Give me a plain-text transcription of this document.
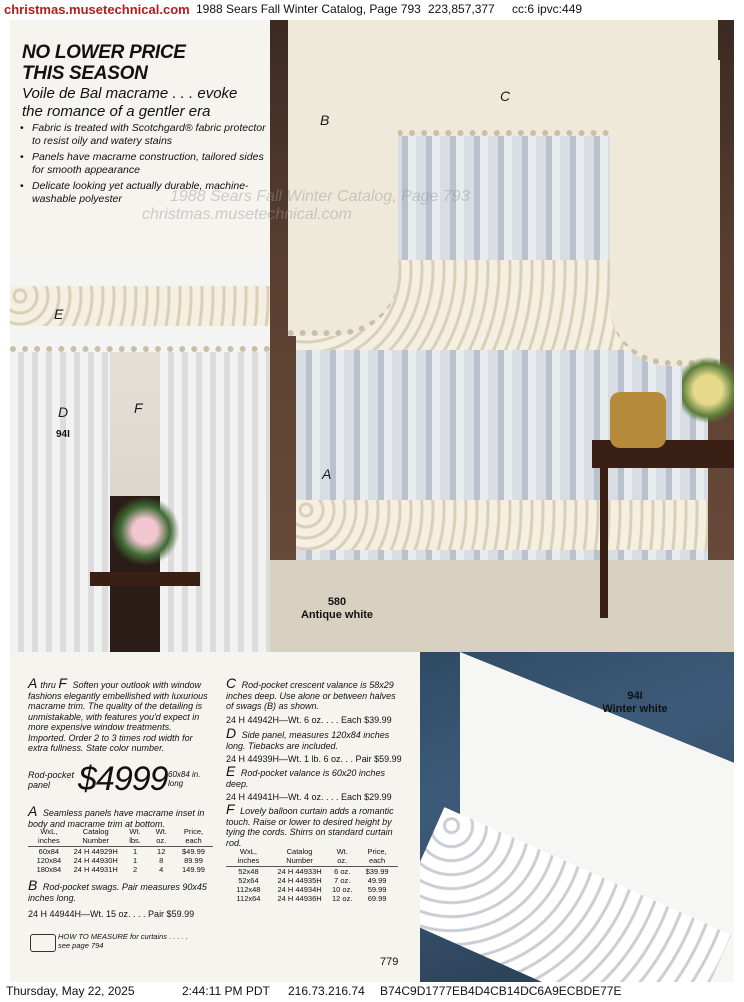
christmas.musetechnical.com 1988 Sears Fall Winter Catalog, Page 793 223,857,377 cc:6 ipvc:449
NO LOWER PRICE
THIS SEASON
Voile de Bal macrame . . . evoke
the romance of a gentler era
• Fabric is treated with Scotchgard® fabric protector to resist oily and watery stains
• Panels have macrame construction, tailored sides for smooth appearance
• Delicate looking yet actually durable, machine-washable polyester
B
C
A
580
Antique white
E
D	F
94I
94I
Winter white
1988 Sears Fall Winter Catalog, Page 793
christmas.musetechnical.com
Athru F Soften your outlook with window fashions elegantly embellished with luxurious macrame trim. The quality of the detailing is unmistakable, with features you'd expect in more expensive window treatments. Imported. Order 2 to 3 times rod width for extra fullness. State color number.
Rod-pocket
panel $4999 60x84 in.
long
A Seamless panels have macrame inset in body and macrame trim at bottom.
WxL, inches	Catalog Number	Wt. lbs.	Wt. oz.	Price, each
60x84	24 H 44929H	1	12	$49.99
120x84	24 H 44930H	1	8	89.99
180x84	24 H 44931H	2	4	149.99
B Rod-pocket swags. Pair measures 90x45 inches long.
24 H 44944H—Wt. 15 oz. . . . Pair $59.99
C Rod-pocket crescent valance is 58x29 inches deep. Use alone or between halves of swags (B) as shown.
24 H 44942H—Wt. 6 oz. . . . Each $39.99
D Side panel, measures 120x84 inches long. Tiebacks are included.
24 H 44939H—Wt. 1 lb. 6 oz. . . Pair $59.99
E Rod-pocket valance is 60x20 inches deep.
24 H 44941H—Wt. 4 oz. . . . Each $29.99
F Lovely balloon curtain adds a romantic touch. Raise or lower to desired height by tying the cords. Shirrs on standard curtain rod.
WxL, inches	Catalog Number	Wt. oz.	Price, each
52x48	24 H 44933H	6 oz.	$39.99
52x64	24 H 44935H	7 oz.	49.99
112x48	24 H 44934H	10 oz.	59.99
112x64	24 H 44936H	12 oz.	69.99
HOW TO MEASURE for curtains . . . . .
see page 794
779
Thursday, May 22, 2025	2:44:11 PM PDT 216.73.216.74 B74C9D1777EB4D4CB14DC6A9ECBDE77E
